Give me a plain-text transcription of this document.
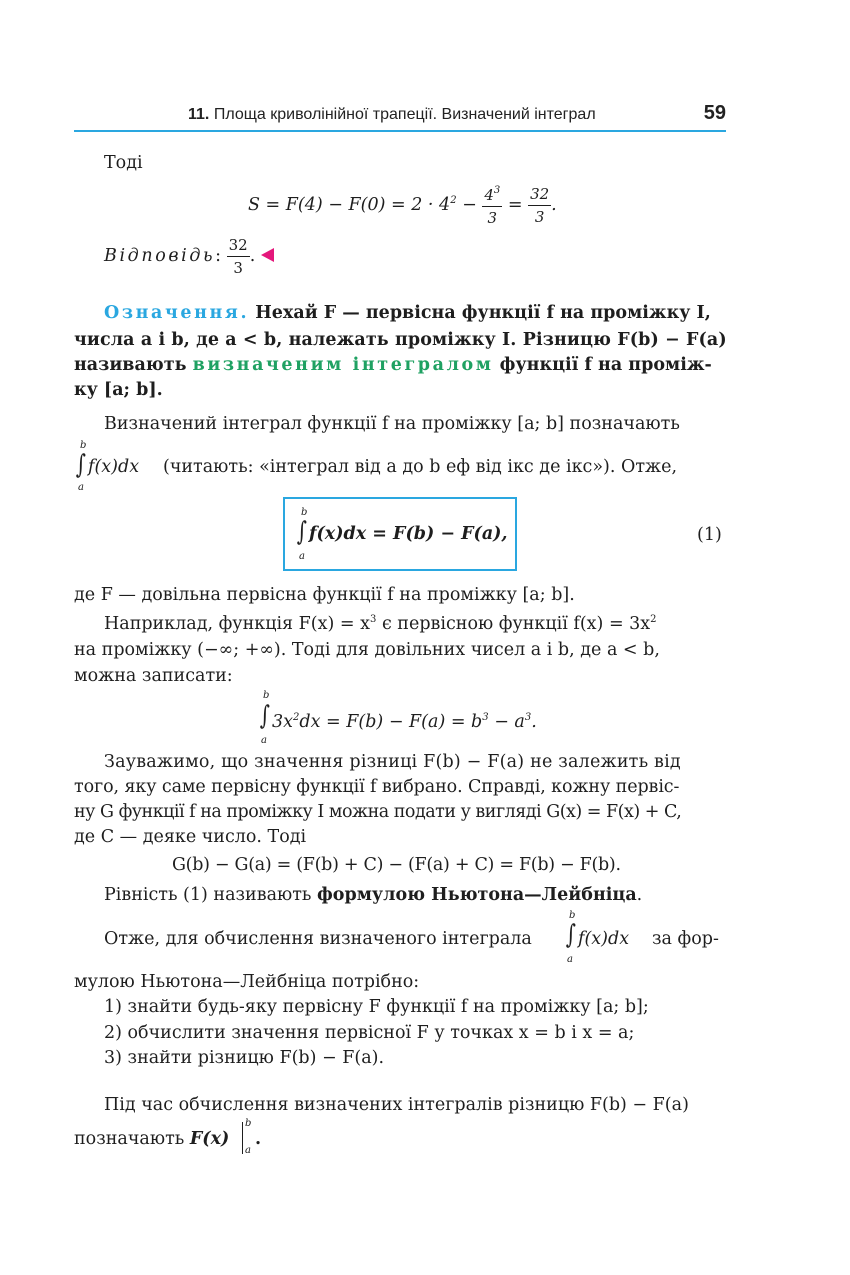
11. Площа криволінійної трапеції. Визначений інтеграл	59
Тоді
$S = F(4) - F(0) = 2 \cdot 4^2 - \frac{4^3}{3} = \frac{32}{3}$ .
Відповідь: $\frac{32}{3}$ .
Означення. Нехай F — первісна функції f на проміжку I,
числа a і b, де a < b, належать проміжку I. Різницю F(b) − F(a)
називають визначеним інтегралом функції f на проміж-
ку [a; b].
Визначений інтеграл функції f на проміжку [a; b] позначають
b
∫
a
f(x)dx (читають: «інтеграл від a до b еф від ікс де ікс»). Отже,
b
∫
a
f(x)dx = F(b) − F(a),	(1)
де F — довільна первісна функції f на проміжку [a; b].
Наприклад, функція $F(x) = x^3$ є первісною функції $f(x) = 3x^2$
на проміжку (−∞; +∞). Тоді для довільних чисел a і b, де a < b,
можна записати:
b
∫
a
$3x^2dx = F(b) - F(a) = b^3 - a^3$.
Зауважимо, що значення різниці F(b) − F(a) не залежить від
того, яку саме первісну функції f вибрано. Справді, кожну первіс-
ну G функції f на проміжку I можна подати у вигляді G(x) = F(x) + C,
де C — деяке число. Тоді
G(b) − G(a) = (F(b) + C) − (F(a) + C) = F(b) − F(b).
Рівність (1) називають формулою Ньютона—Лейбніца.
Отже, для обчислення визначеного інтеграла
b
∫
a
f(x)dx за фор-
мулою Ньютона—Лейбніца потрібно:
1) знайти будь-яку первісну F функції f на проміжку [a; b];
2) обчислити значення первісної F у точках x = b і x = a;
3) знайти різницю F(b) − F(a).
Під час обчислення визначених інтегралів різницю F(b) − F(a)
позначають F(x)
b
a
.
